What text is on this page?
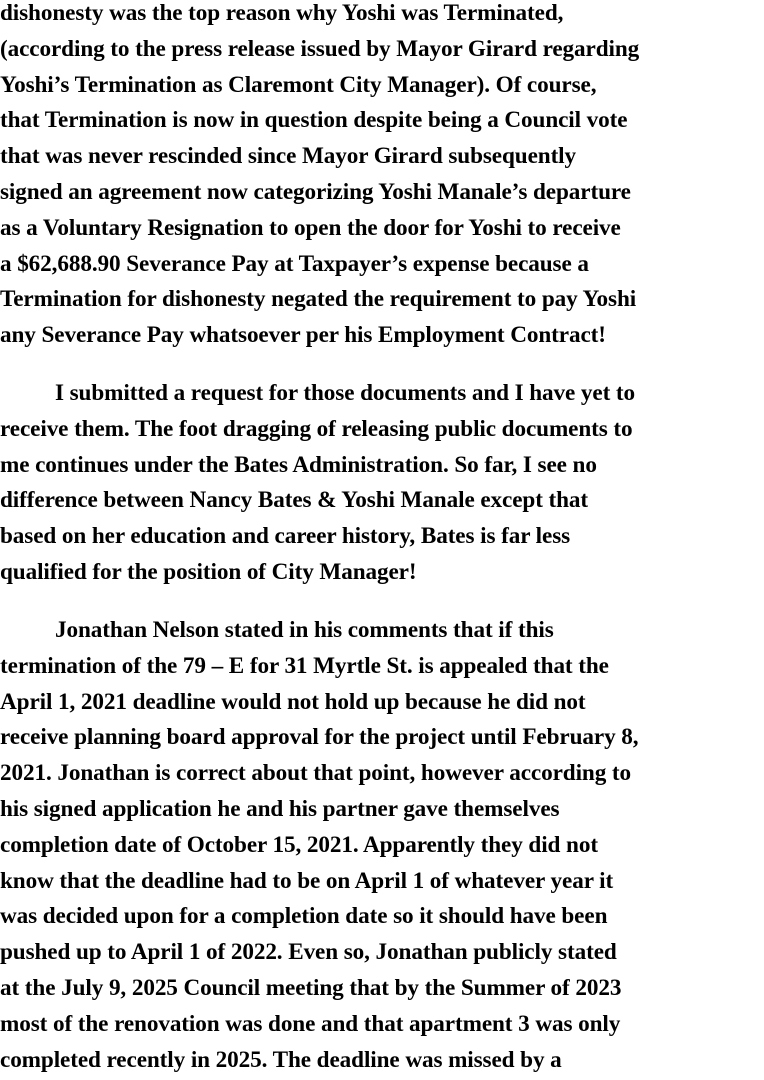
dishonesty was the top reason why Yoshi was Terminated,
(according to the press release issued by Mayor Girard regarding
Yoshi’s Termination as Claremont City Manager). Of course,
that Termination is now in question despite being a Council vote
that was never rescinded since Mayor Girard subsequently
signed an agreement now categorizing Yoshi Manale’s departure
as a Voluntary Resignation to open the door for Yoshi to receive
a $62,688.90 Severance Pay at Taxpayer’s expense because a
Termination for dishonesty negated the requirement to pay Yoshi
any Severance Pay whatsoever per his Employment Contract!
I submitted a request for those documents and I have yet to
receive them. The foot dragging of releasing public documents to
me continues under the Bates Administration. So far, I see no
difference between Nancy Bates & Yoshi Manale except that
based on her education and career history, Bates is far less
qualified for the position of City Manager!
Jonathan Nelson stated in his comments that if this
termination of the 79 – E for 31 Myrtle St. is appealed that the
April 1, 2021 deadline would not hold up because he did not
receive planning board approval for the project until February 8,
2021. Jonathan is correct about that point, however according to
his signed application he and his partner gave themselves
completion date of October 15, 2021. Apparently they did not
know that the deadline had to be on April 1 of whatever year it
was decided upon for a completion date so it should have been
pushed up to April 1 of 2022. Even so, Jonathan publicly stated
at the July 9, 2025 Council meeting that by the Summer of 2023
most of the renovation was done and that apartment 3 was only
completed recently in 2025. The deadline was missed by a
